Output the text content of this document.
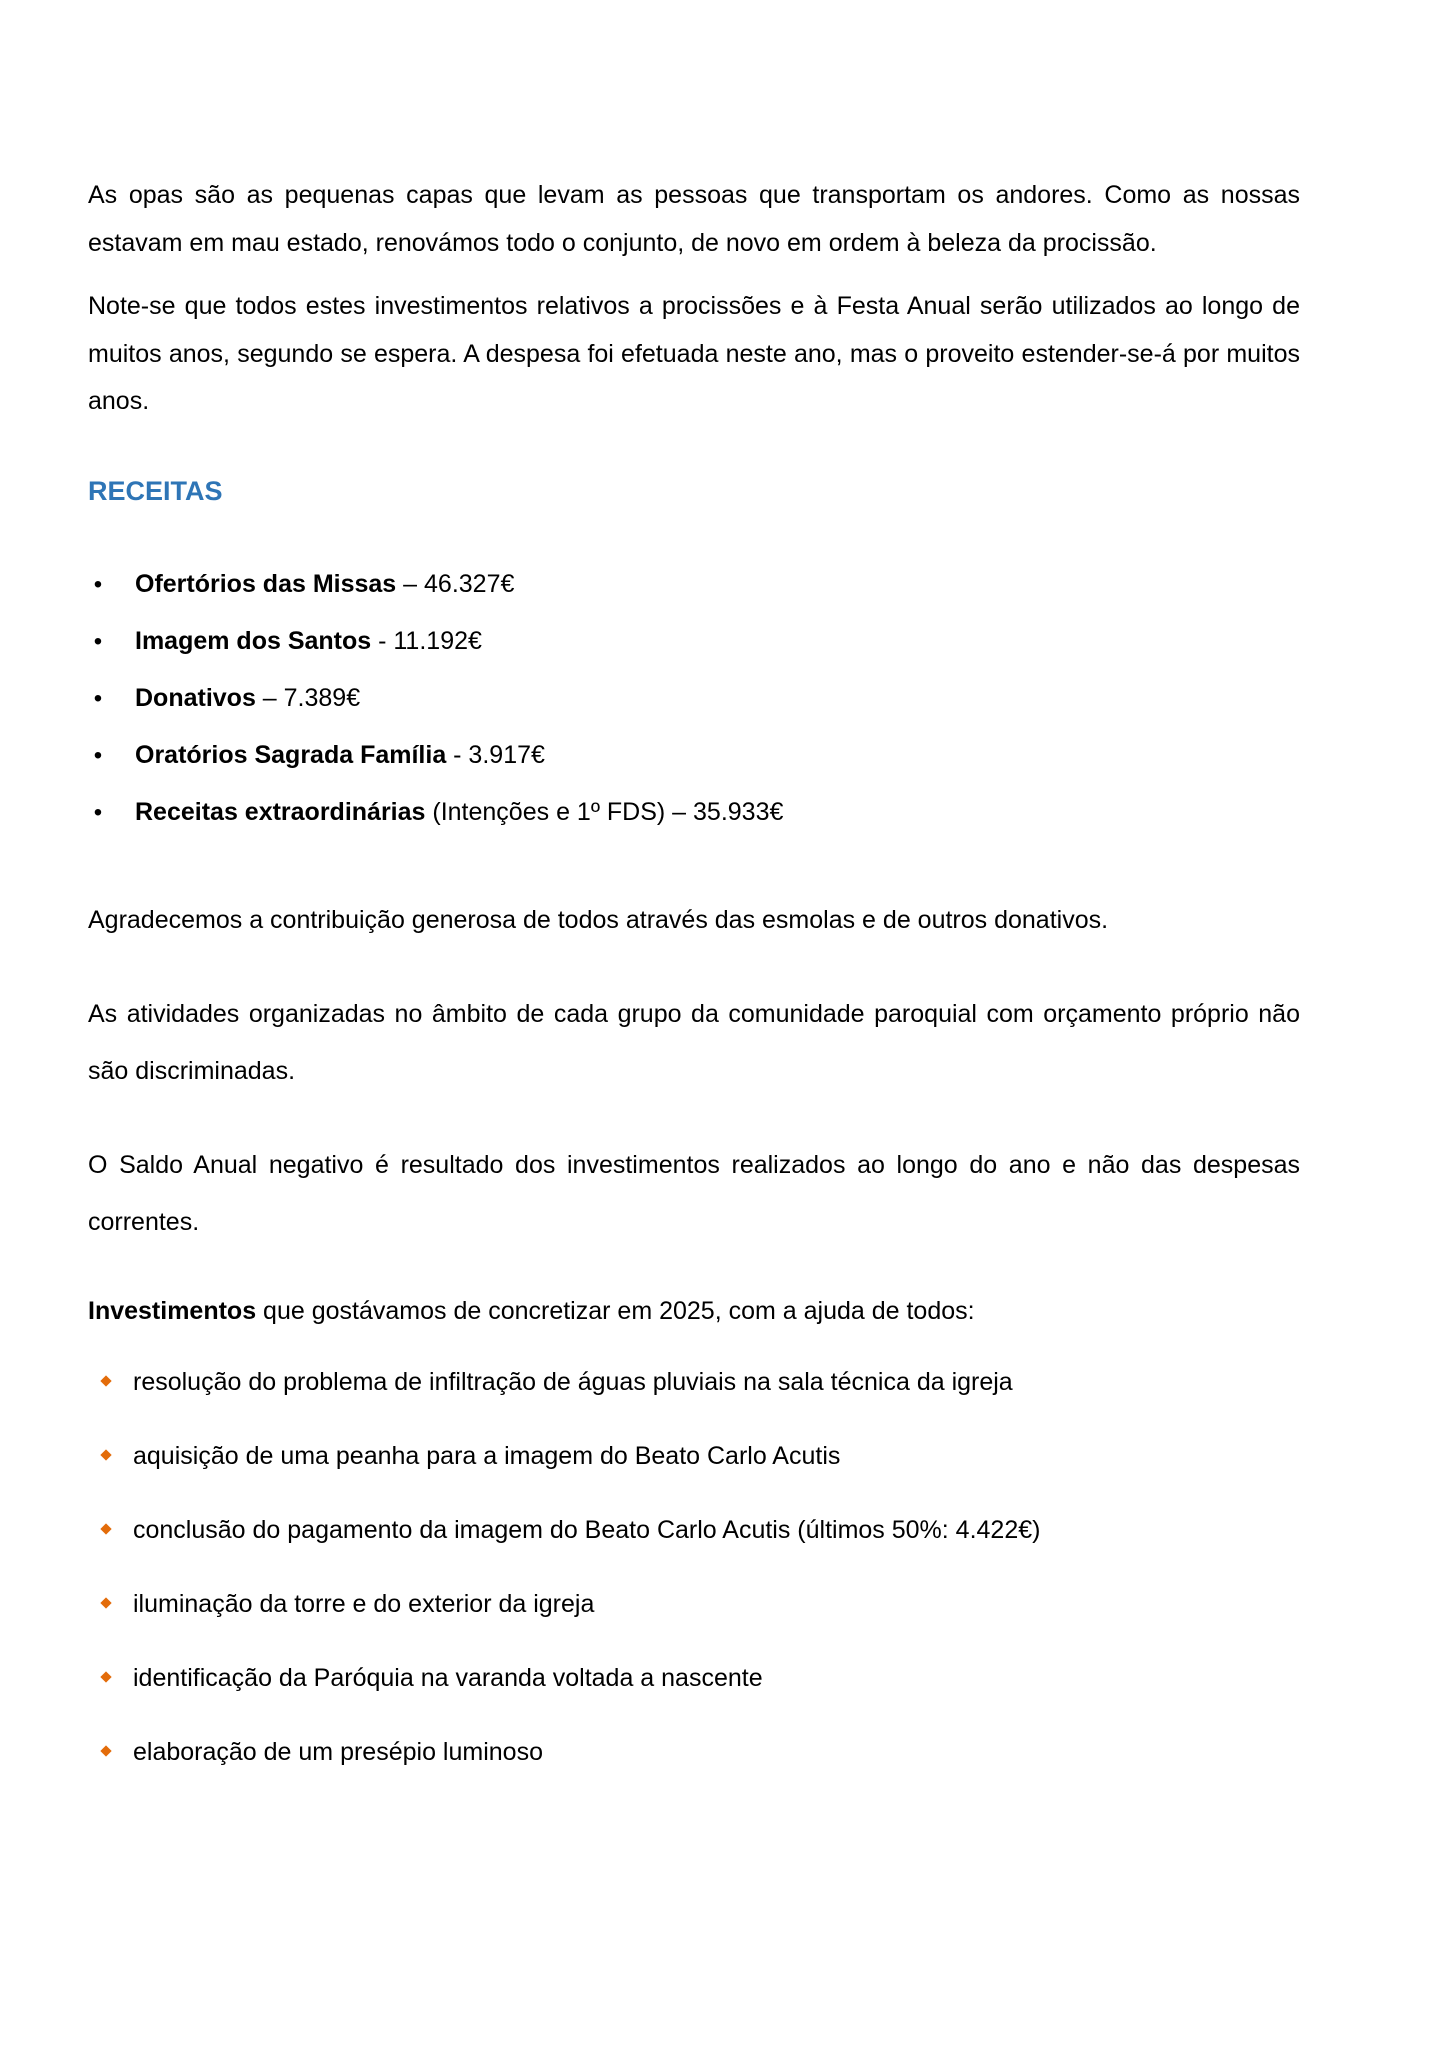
As opas são as pequenas capas que levam as pessoas que transportam os andores. Como as nossas estavam em mau estado, renovámos todo o conjunto, de novo em ordem à beleza da procissão.

Note-se que todos estes investimentos relativos a procissões e à Festa Anual serão utilizados ao longo de muitos anos, segundo se espera. A despesa foi efetuada neste ano, mas o proveito estender-se-á por muitos anos.

RECEITAS
• Ofertórios das Missas – 46.327€
• Imagem dos Santos - 11.192€
• Donativos – 7.389€
• Oratórios Sagrada Família - 3.917€
• Receitas extraordinárias (Intenções e 1º FDS) – 35.933€

Agradecemos a contribuição generosa de todos através das esmolas e de outros donativos.

As atividades organizadas no âmbito de cada grupo da comunidade paroquial com orçamento próprio não são discriminadas.

O Saldo Anual negativo é resultado dos investimentos realizados ao longo do ano e não das despesas correntes.

Investimentos que gostávamos de concretizar em 2025, com a ajuda de todos:

resolução do problema de infiltração de águas pluviais na sala técnica da igreja
aquisição de uma peanha para a imagem do Beato Carlo Acutis
conclusão do pagamento da imagem do Beato Carlo Acutis (últimos 50%: 4.422€)
iluminação da torre e do exterior da igreja
identificação da Paróquia na varanda voltada a nascente
elaboração de um presépio luminoso
